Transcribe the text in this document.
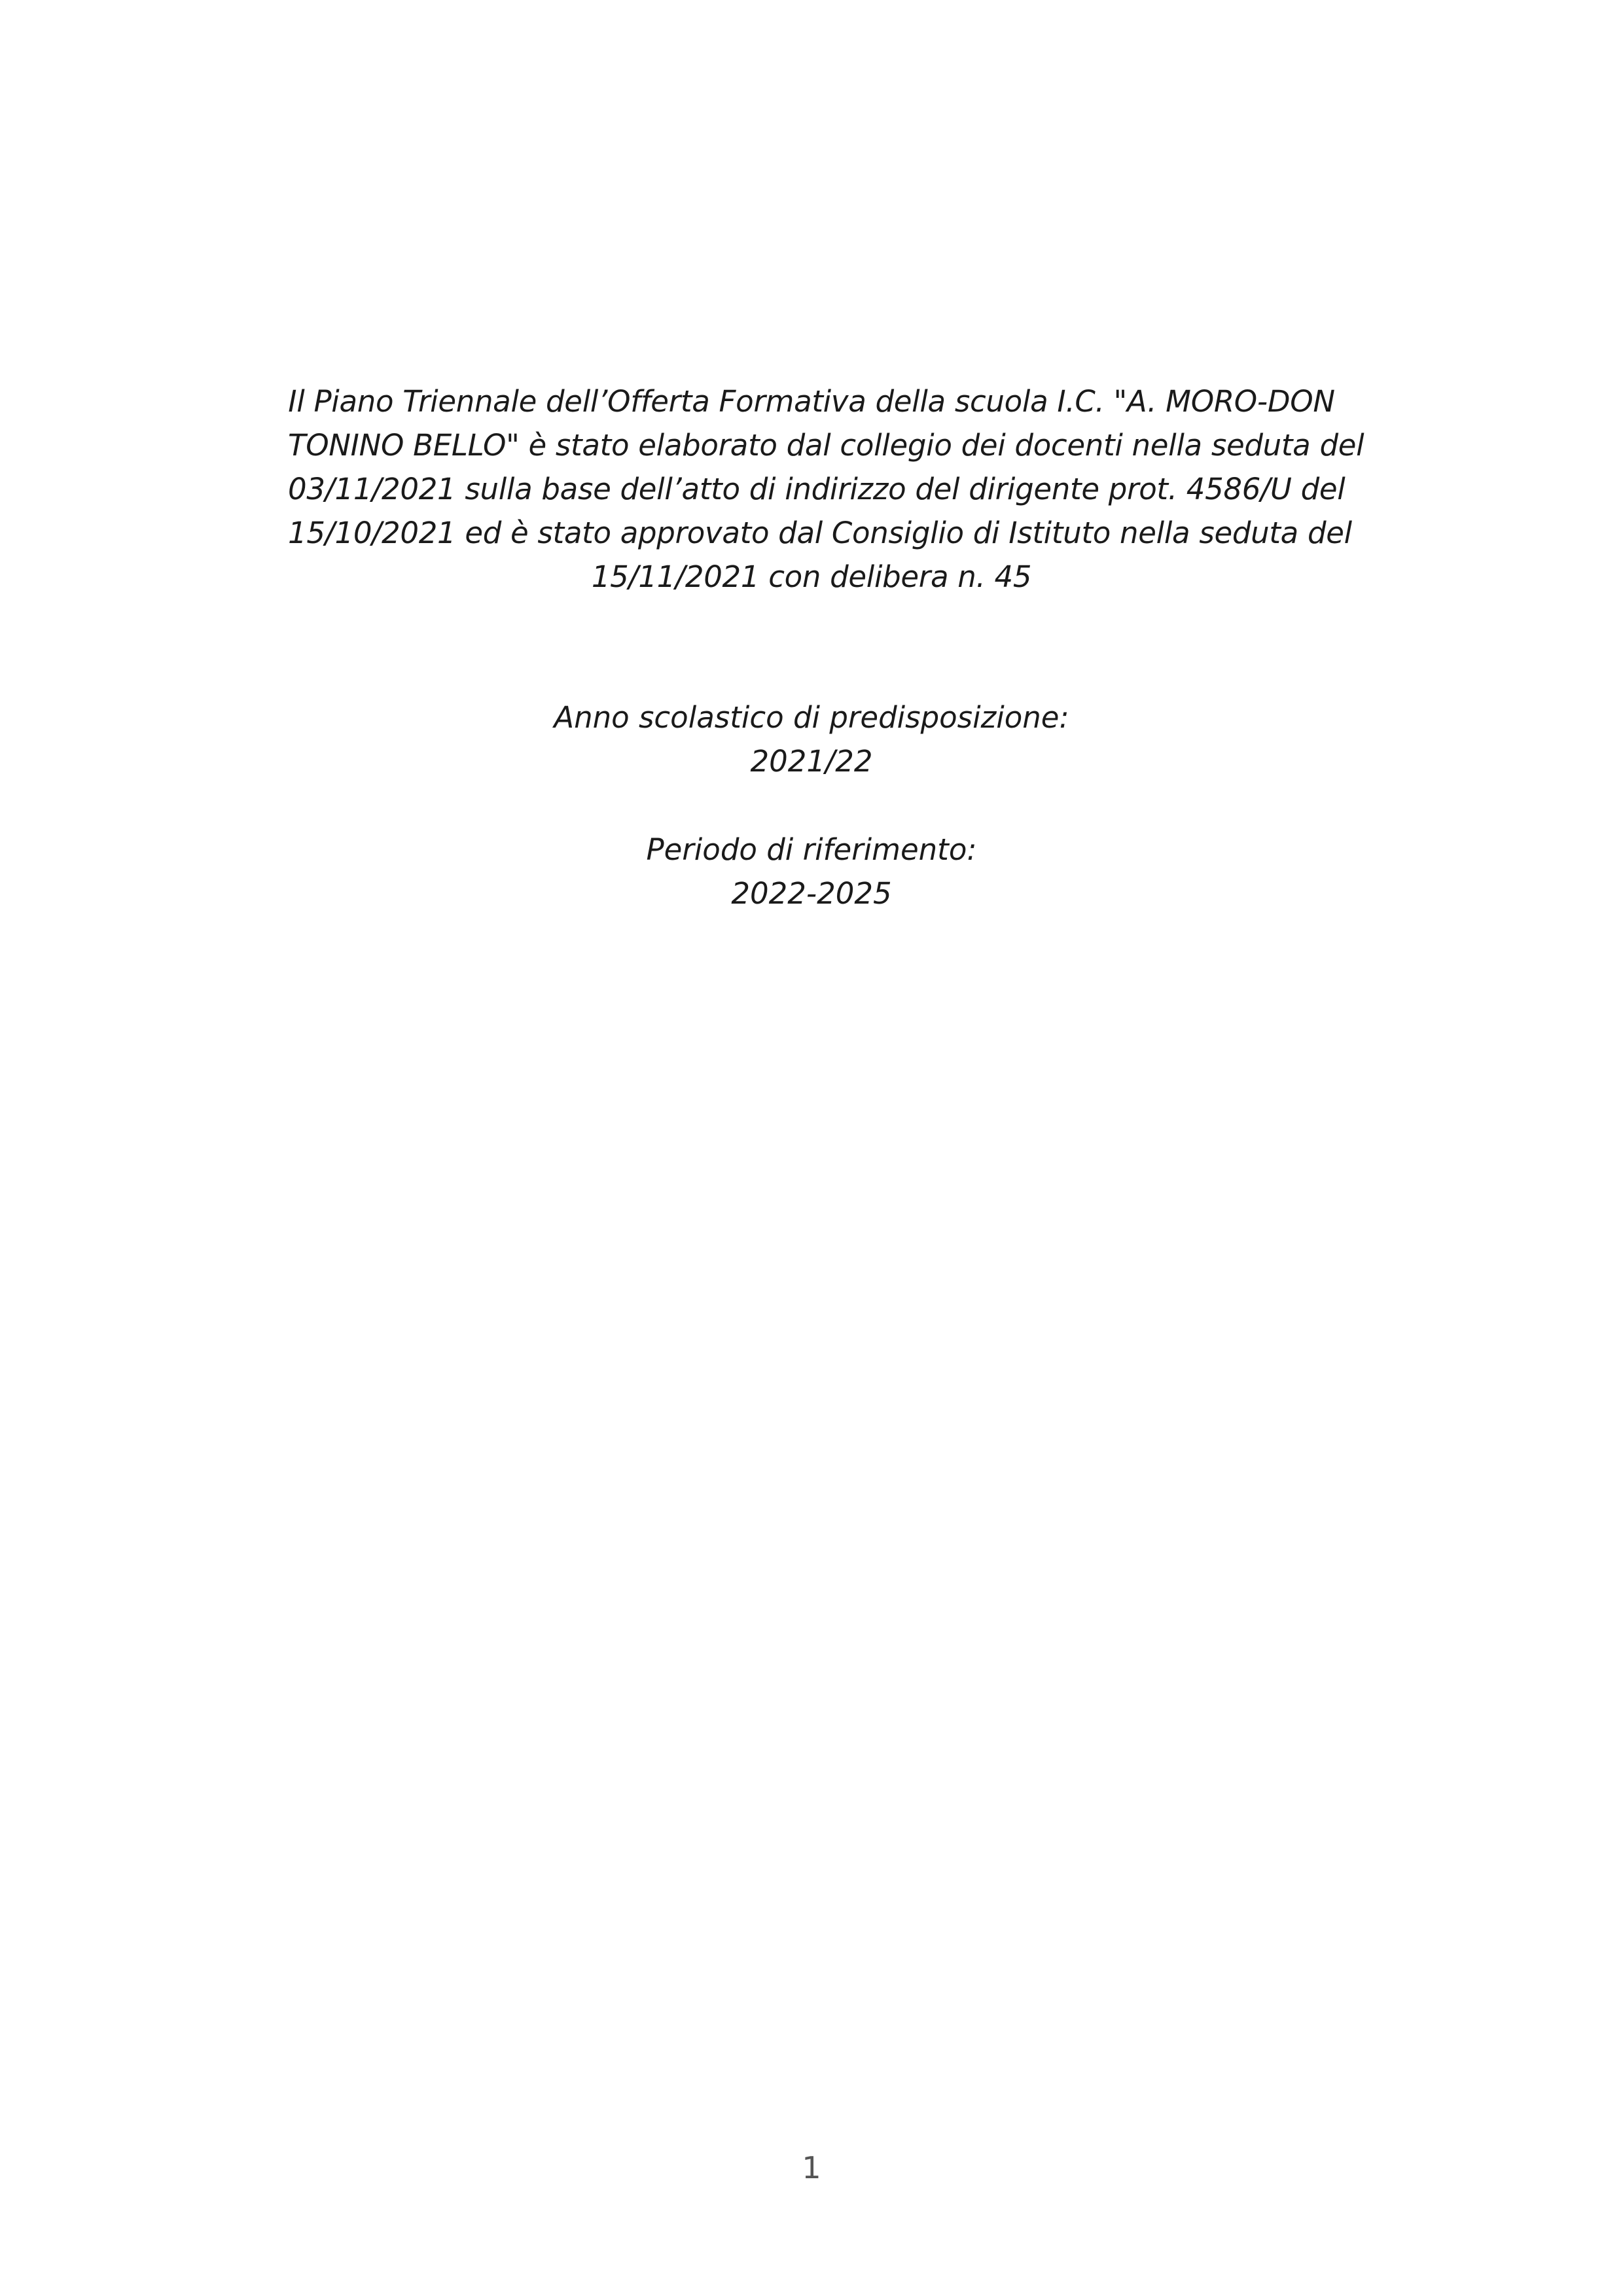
Il Piano Triennale dell’Offerta Formativa della scuola I.C. "A. MORO-DON
TONINO BELLO" è stato elaborato dal collegio dei docenti nella seduta del
03/11/2021 sulla base dell’atto di indirizzo del dirigente prot. 4586/U del
15/10/2021 ed è stato approvato dal Consiglio di Istituto nella seduta del
15/11/2021 con delibera n. 45

Anno scolastico di predisposizione:
2021/22

Periodo di riferimento:
2022-2025

1
